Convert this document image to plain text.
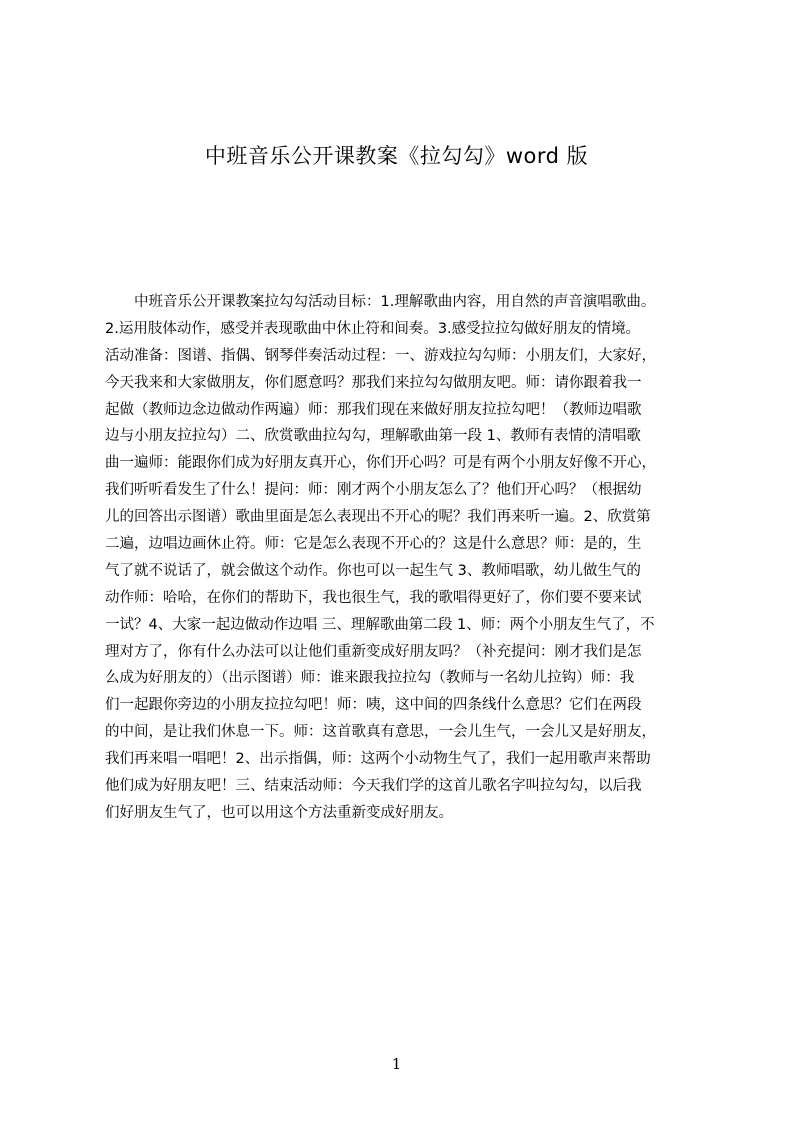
中班音乐公开课教案《拉勾勾》word 版
　　中班音乐公开课教案拉勾勾活动目标：1.理解歌曲内容，用自然的声音演唱歌曲。
2.运用肢体动作，感受并表现歌曲中休止符和间奏。3.感受拉拉勾做好朋友的情境。
活动准备：图谱、指偶、钢琴伴奏活动过程：一、游戏拉勾勾师：小朋友们，大家好，
今天我来和大家做朋友，你们愿意吗？那我们来拉勾勾做朋友吧。师：请你跟着我一
起做（教师边念边做动作两遍）师：那我们现在来做好朋友拉拉勾吧！（教师边唱歌
边与小朋友拉拉勾）二、欣赏歌曲拉勾勾，理解歌曲第一段 1、教师有表情的清唱歌
曲一遍师：能跟你们成为好朋友真开心，你们开心吗？可是有两个小朋友好像不开心，
我们听听看发生了什么！提问：师：刚才两个小朋友怎么了？他们开心吗？（根据幼
儿的回答出示图谱）歌曲里面是怎么表现出不开心的呢？我们再来听一遍。2、欣赏第
二遍，边唱边画休止符。师：它是怎么表现不开心的？这是什么意思？师：是的，生
气了就不说话了，就会做这个动作。你也可以一起生气 3、教师唱歌，幼儿做生气的
动作师：哈哈，在你们的帮助下，我也很生气，我的歌唱得更好了，你们要不要来试
一试？4、大家一起边做动作边唱 三、理解歌曲第二段 1、师：两个小朋友生气了，不
理对方了，你有什么办法可以让他们重新变成好朋友吗？（补充提问：刚才我们是怎
么成为好朋友的）（出示图谱）师：谁来跟我拉拉勾（教师与一名幼儿拉钩）师：我
们一起跟你旁边的小朋友拉拉勾吧！师：咦，这中间的四条线什么意思？它们在两段
的中间，是让我们休息一下。师：这首歌真有意思，一会儿生气，一会儿又是好朋友，
我们再来唱一唱吧！2、出示指偶，师：这两个小动物生气了，我们一起用歌声来帮助
他们成为好朋友吧！三、结束活动师：今天我们学的这首儿歌名字叫拉勾勾，以后我
们好朋友生气了，也可以用这个方法重新变成好朋友。
1
